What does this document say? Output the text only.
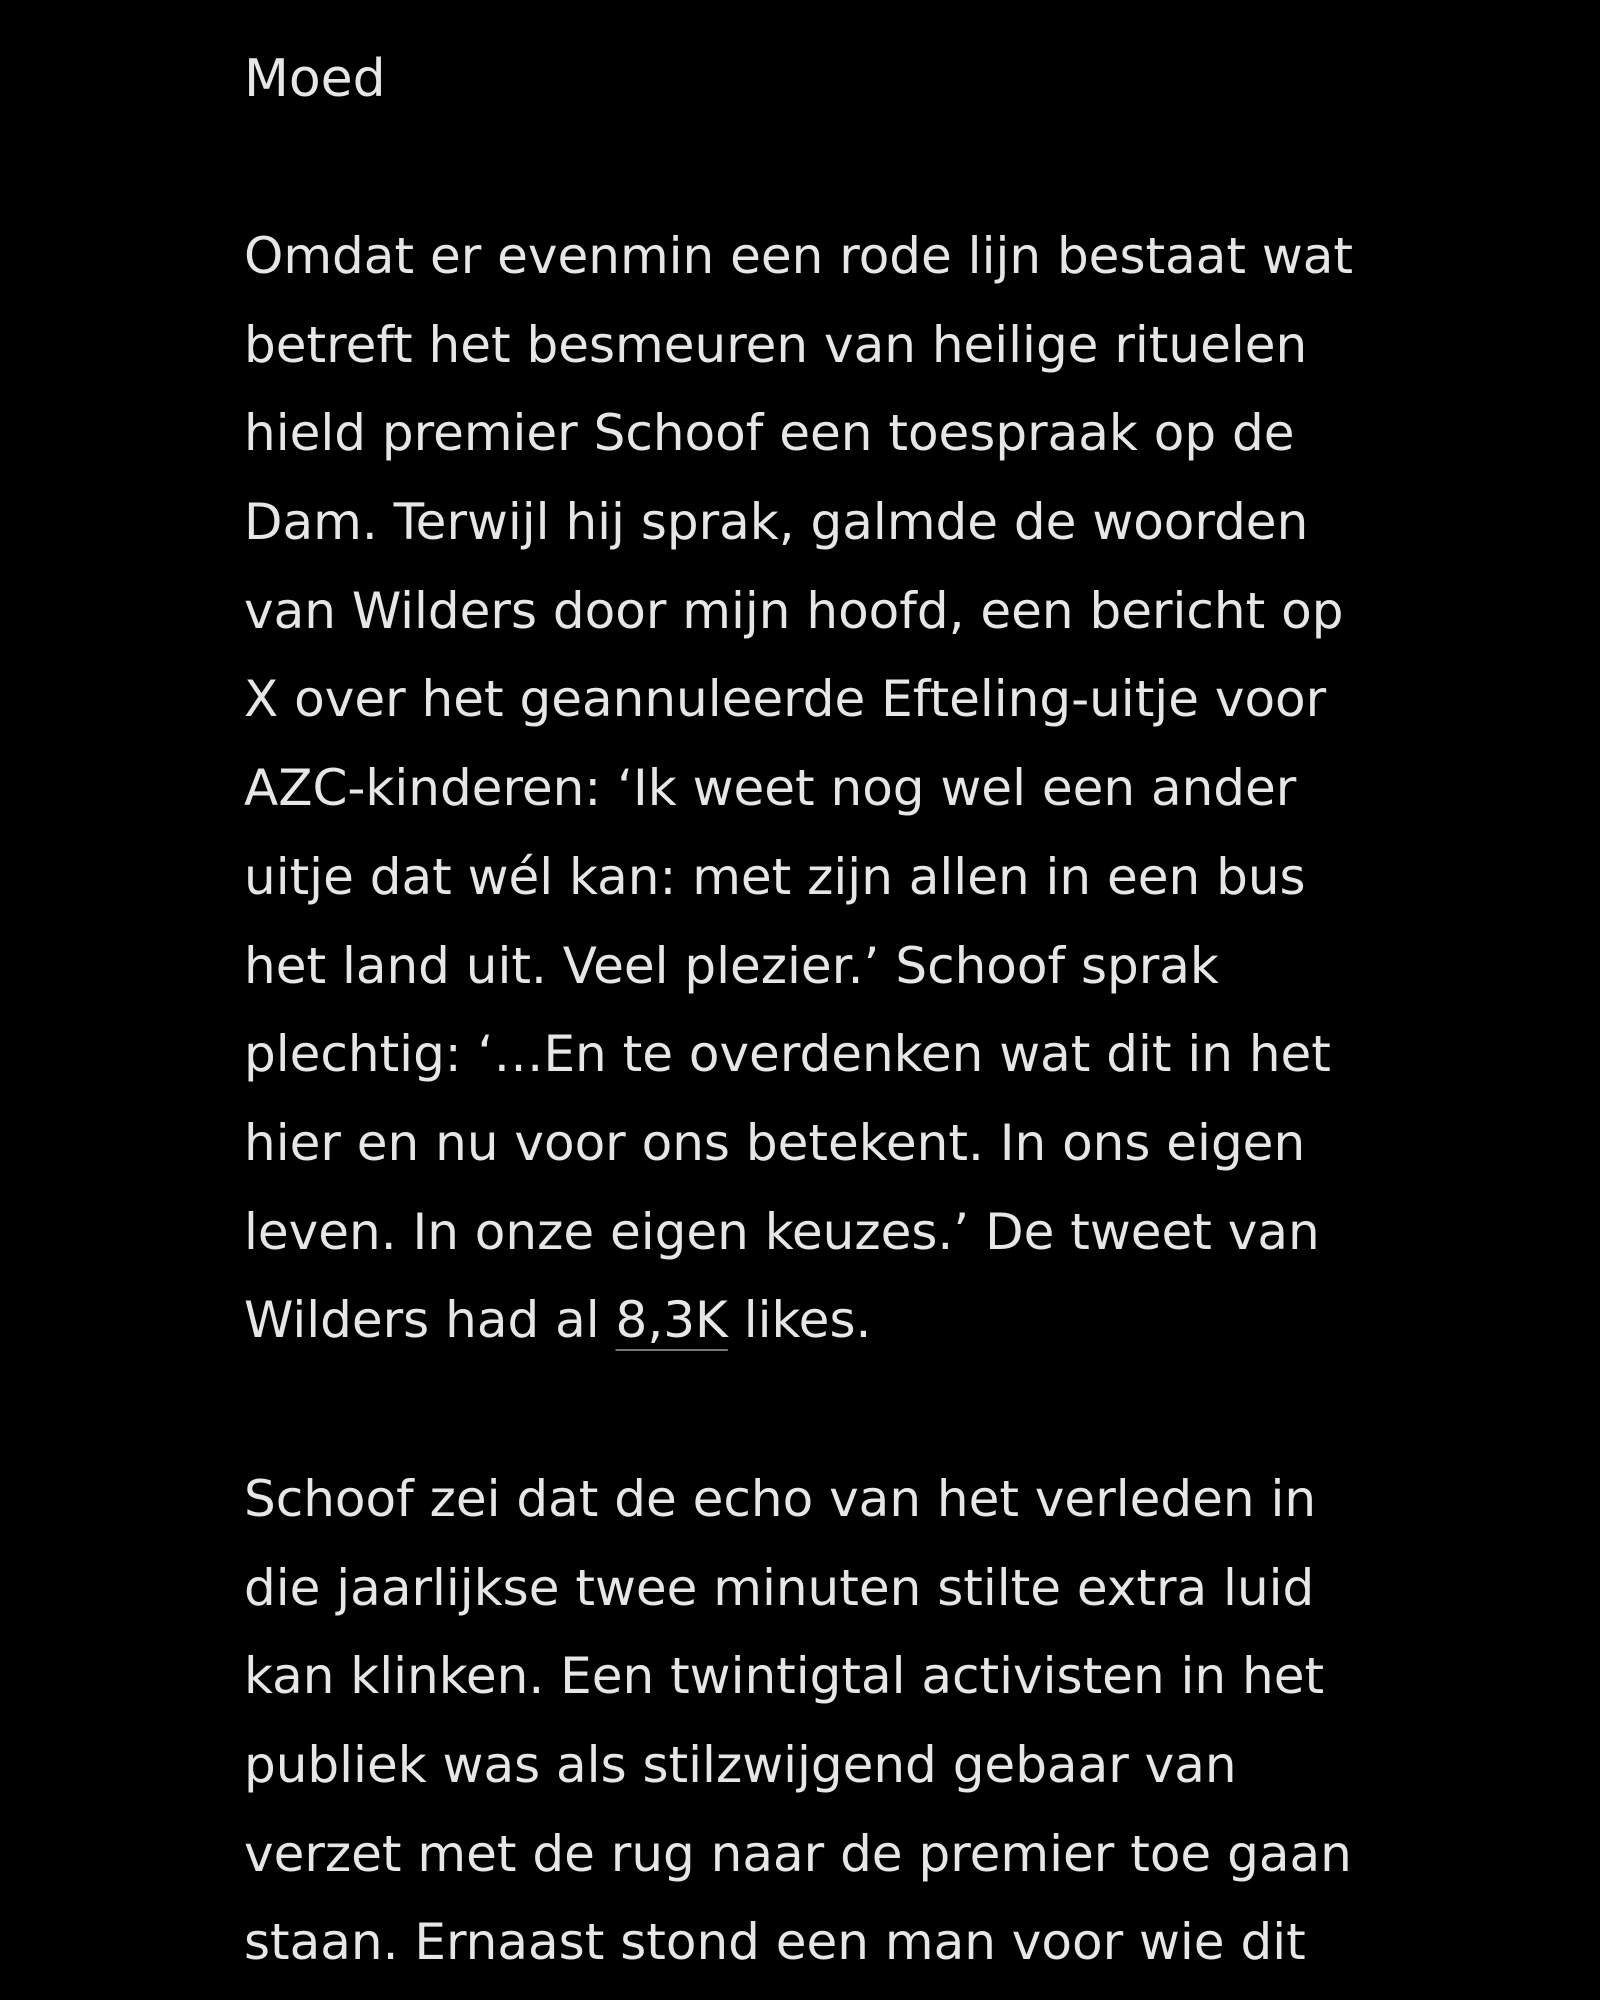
Moed

Omdat er evenmin een rode lijn bestaat wat
betreft het besmeuren van heilige rituelen
hield premier Schoof een toespraak op de
Dam. Terwijl hij sprak, galmde de woorden
van Wilders door mijn hoofd, een bericht op
X over het geannuleerde Efteling-uitje voor
AZC-kinderen: ‘Ik weet nog wel een ander
uitje dat wél kan: met zijn allen in een bus
het land uit. Veel plezier.’ Schoof sprak
plechtig: ‘…En te overdenken wat dit in het
hier en nu voor ons betekent. In ons eigen
leven. In onze eigen keuzes.’ De tweet van
Wilders had al 8,3K likes.

Schoof zei dat de echo van het verleden in
die jaarlijkse twee minuten stilte extra luid
kan klinken. Een twintigtal activisten in het
publiek was als stilzwijgend gebaar van
verzet met de rug naar de premier toe gaan
staan. Ernaast stond een man voor wie dit
